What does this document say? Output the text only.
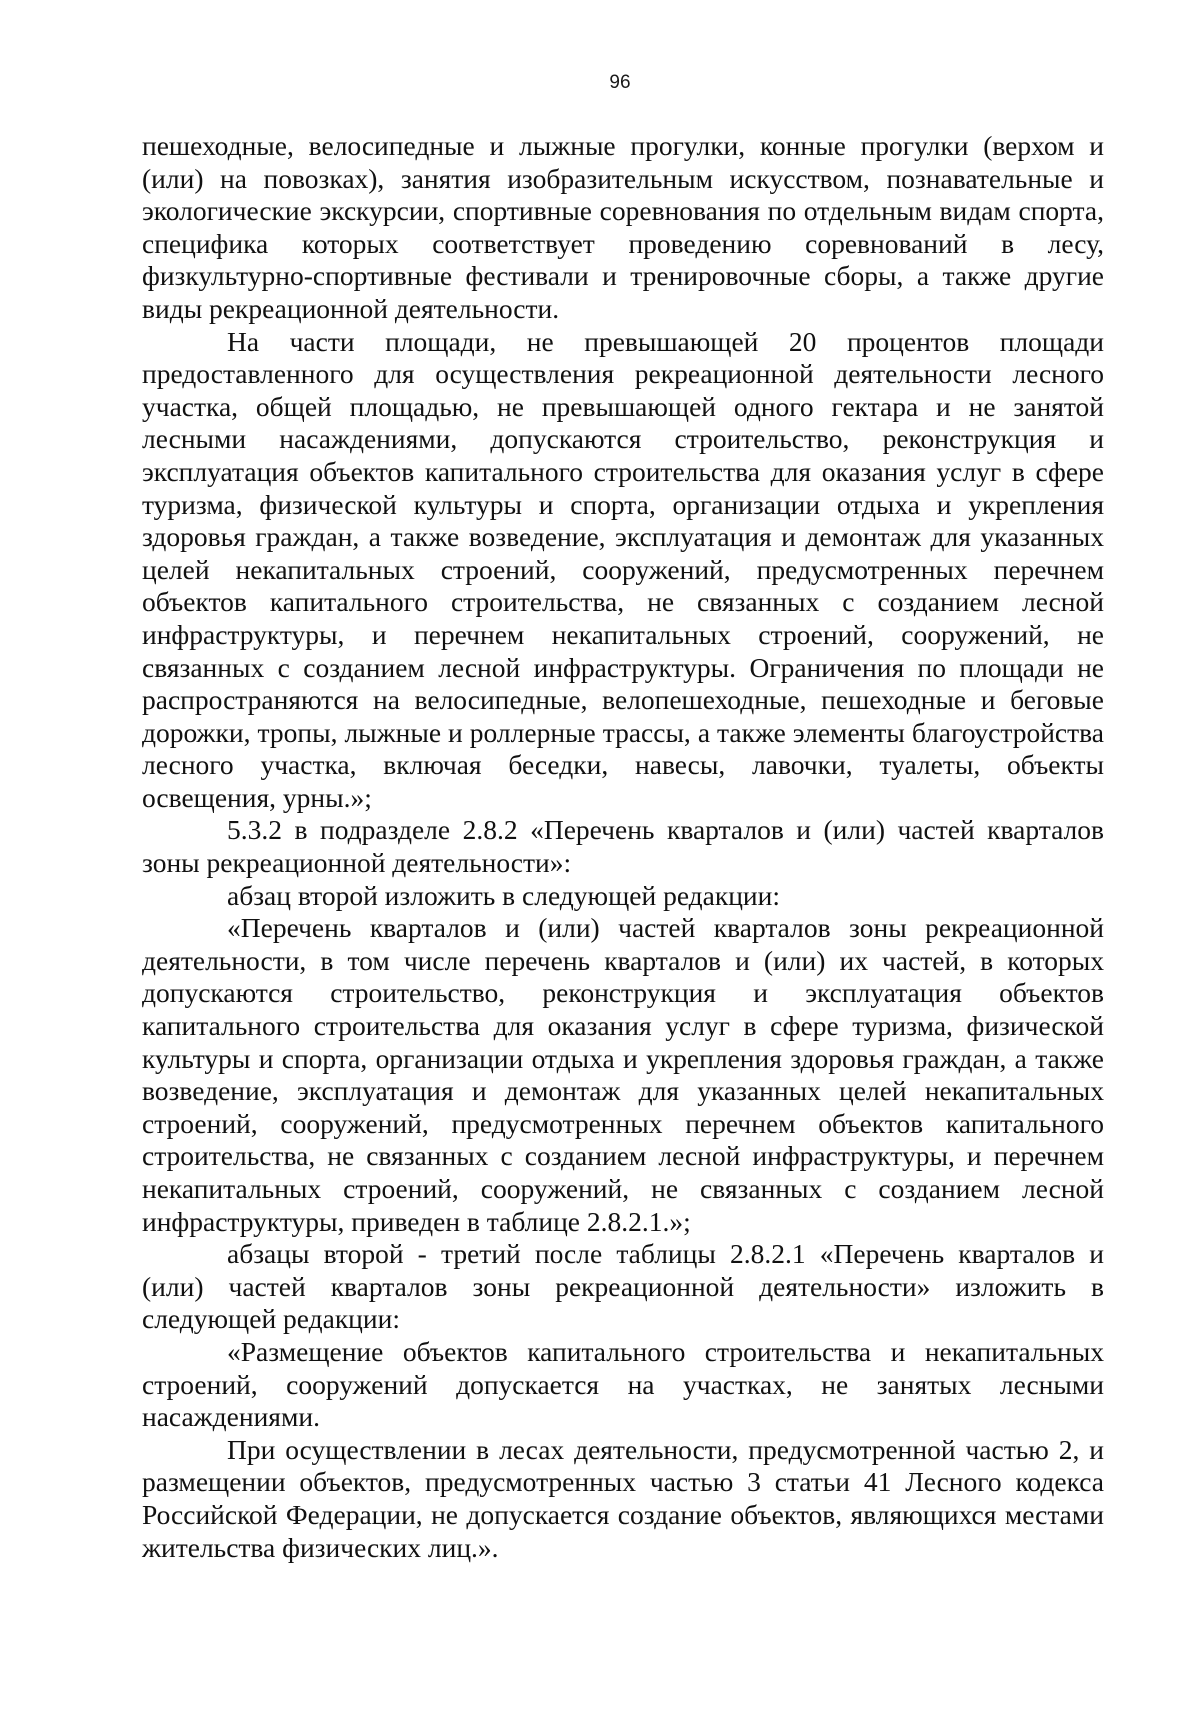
96

пешеходные, велосипедные и лыжные прогулки, конные прогулки (верхом и (или) на повозках), занятия изобразительным искусством, познавательные и экологические экскурсии, спортивные соревнования по отдельным видам спорта, специфика которых соответствует проведению соревнований в лесу, физкультурно-спортивные фестивали и тренировочные сборы, а также другие виды рекреационной деятельности.

На части площади, не превышающей 20 процентов площади предоставленного для осуществления рекреационной деятельности лесного участка, общей площадью, не превышающей одного гектара и не занятой лесными насаждениями, допускаются строительство, реконструкция и эксплуатация объектов капитального строительства для оказания услуг в сфере туризма, физической культуры и спорта, организации отдыха и укрепления здоровья граждан, а также возведение, эксплуатация и демонтаж для указанных целей некапитальных строений, сооружений, предусмотренных перечнем объектов капитального строительства, не связанных с созданием лесной инфраструктуры, и перечнем некапитальных строений, сооружений, не связанных с созданием лесной инфраструктуры. Ограничения по площади не распространяются на велосипедные, велопешеходные, пешеходные и беговые дорожки, тропы, лыжные и роллерные трассы, а также элементы благоустройства лесного участка, включая беседки, навесы, лавочки, туалеты, объекты освещения, урны.»;

5.3.2 в подразделе 2.8.2 «Перечень кварталов и (или) частей кварталов зоны рекреационной деятельности»:

абзац второй изложить в следующей редакции:

«Перечень кварталов и (или) частей кварталов зоны рекреационной деятельности, в том числе перечень кварталов и (или) их частей, в которых допускаются строительство, реконструкция и эксплуатация объектов капитального строительства для оказания услуг в сфере туризма, физической культуры и спорта, организации отдыха и укрепления здоровья граждан, а также возведение, эксплуатация и демонтаж для указанных целей некапитальных строений, сооружений, предусмотренных перечнем объектов капитального строительства, не связанных с созданием лесной инфраструктуры, и перечнем некапитальных строений, сооружений, не связанных с созданием лесной инфраструктуры, приведен в таблице 2.8.2.1.»;

абзацы второй - третий после таблицы 2.8.2.1 «Перечень кварталов и (или) частей кварталов зоны рекреационной деятельности» изложить в следующей редакции:

«Размещение объектов капитального строительства и некапитальных строений, сооружений допускается на участках, не занятых лесными насаждениями.

При осуществлении в лесах деятельности, предусмотренной частью 2, и размещении объектов, предусмотренных частью 3 статьи 41 Лесного кодекса Российской Федерации, не допускается создание объектов, являющихся местами жительства физических лиц.».
